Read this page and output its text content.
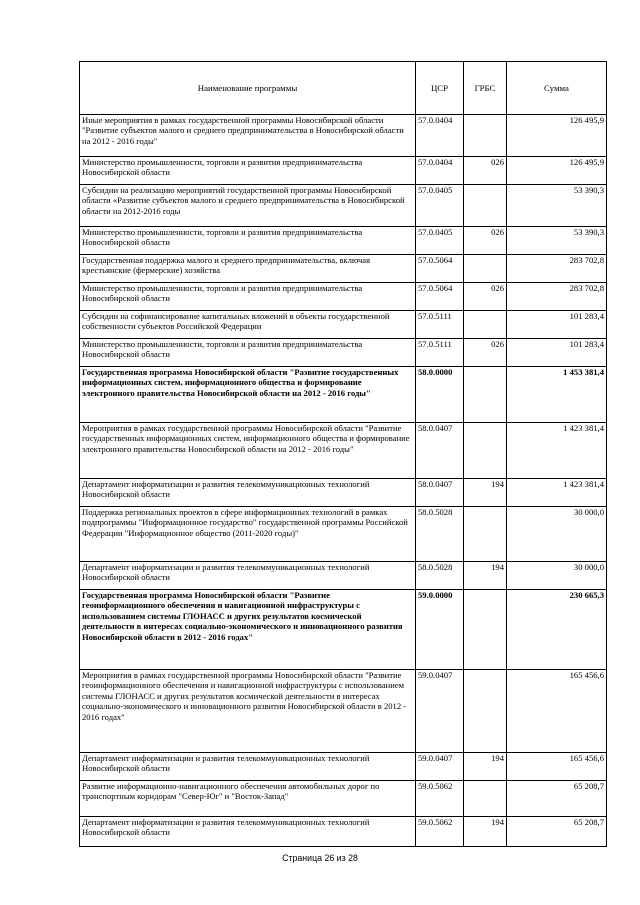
Наименование программы	ЦСР	ГРБС	Сумма
Иные мероприятия в рамках государственной программы Новосибирской области "Развитие субъектов малого и среднего предпринимательства в Новосибирской области на 2012 - 2016 годы"	57.0.0404		126 495,9
Министерство промышленности, торговли и развития предпринимательства Новосибирской области	57.0.0404	026	126 495,9
Субсидии на реализацию мероприятий государственной программы Новосибирской области «Развитие субъектов малого и среднего предпринимательства в Новосибирской области на 2012-2016 годы	57.0.0405		53 390,3
Министерство промышленности, торговли и развития предпринимательства Новосибирской области	57.0.0405	026	53 390,3
Государственная поддержка малого и среднего предпринимательства, включая крестьянские (фермерские) хозяйства	57.0.5064		283 702,8
Министерство промышленности, торговли и развития предпринимательства Новосибирской области	57.0.5064	026	283 702,8
Субсидии на софинансирование капитальных вложений в объекты государственной собственности субъектов Российской Федерации	57.0.5111		101 283,4
Министерство промышленности, торговли и развития предпринимательства Новосибирской области	57.0.5111	026	101 283,4
Государственная программа Новосибирской области "Развитие государственных информационных систем, информационного общества и формирование электронного правительства Новосибирской области на 2012 - 2016 годы"	58.0.0000		1 453 381,4
Мероприятия в рамках государственной программы Новосибирской области "Развитие государственных информационных систем, информационного общества и формирование электронного правительства Новосибирской области на 2012 - 2016 годы"	58.0.0407		1 423 381,4
Департамент информатизации и развития телекоммуникационных технологий Новосибирской области	58.0.0407	194	1 423 381,4
Поддержка региональных проектов в сфере информационных технологий в рамках подпрограммы "Информационное государство" государственной программы Российской Федерации "Информационное общество (2011-2020 годы)"	58.0.5028		30 000,0
Департамент информатизации и развития телекоммуникационных технологий Новосибирской области	58.0.5028	194	30 000,0
Государственная программа Новосибирской области "Развитие геоинформационного обеспечения и навигационной инфраструктуры с использованием системы ГЛОНАСС и других результатов космической деятельности в интересах социально-экономического и инновационного развития Новосибирской области в 2012 - 2016 годах"	59.0.0000		230 665,3
Мероприятия в рамках государственной программы Новосибирской области "Развитие геоинформационного обеспечения и навигационной инфраструктуры с использованием системы ГЛОНАСС и других результатов космической деятельности в интересах социально-экономического и инновационного развития Новосибирской области в 2012 - 2016 годах"	59.0.0407		165 456,6
Департамент информатизации и развития телекоммуникационных технологий Новосибирской области	59.0.0407	194	165 456,6
Развитие информационно-навигационного обеспечения автомобильных дорог по транспортным коридорам "Север-Юг" и "Восток-Запад"	59.0.5062		65 208,7
Департамент информатизации и развития телекоммуникационных технологий Новосибирской области	59.0.5062	194	65 208,7
Страница 26 из 28
